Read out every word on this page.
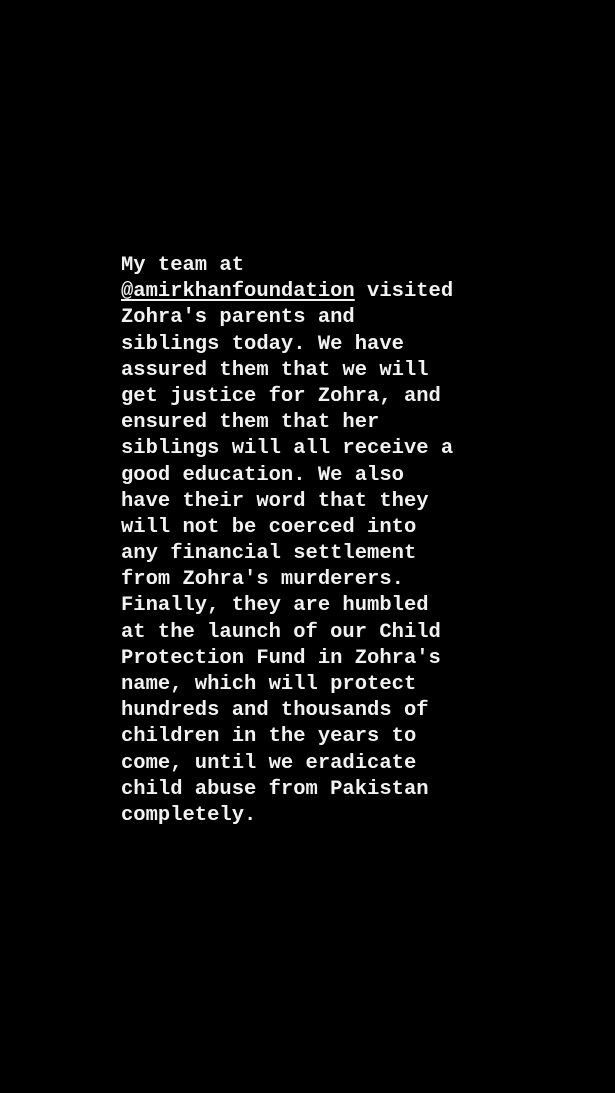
My team at
@amirkhanfoundation visited
Zohra's parents and
siblings today. We have
assured them that we will
get justice for Zohra, and
ensured them that her
siblings will all receive a
good education. We also
have their word that they
will not be coerced into
any financial settlement
from Zohra's murderers.
Finally, they are humbled
at the launch of our Child
Protection Fund in Zohra's
name, which will protect
hundreds and thousands of
children in the years to
come, until we eradicate
child abuse from Pakistan
completely.
